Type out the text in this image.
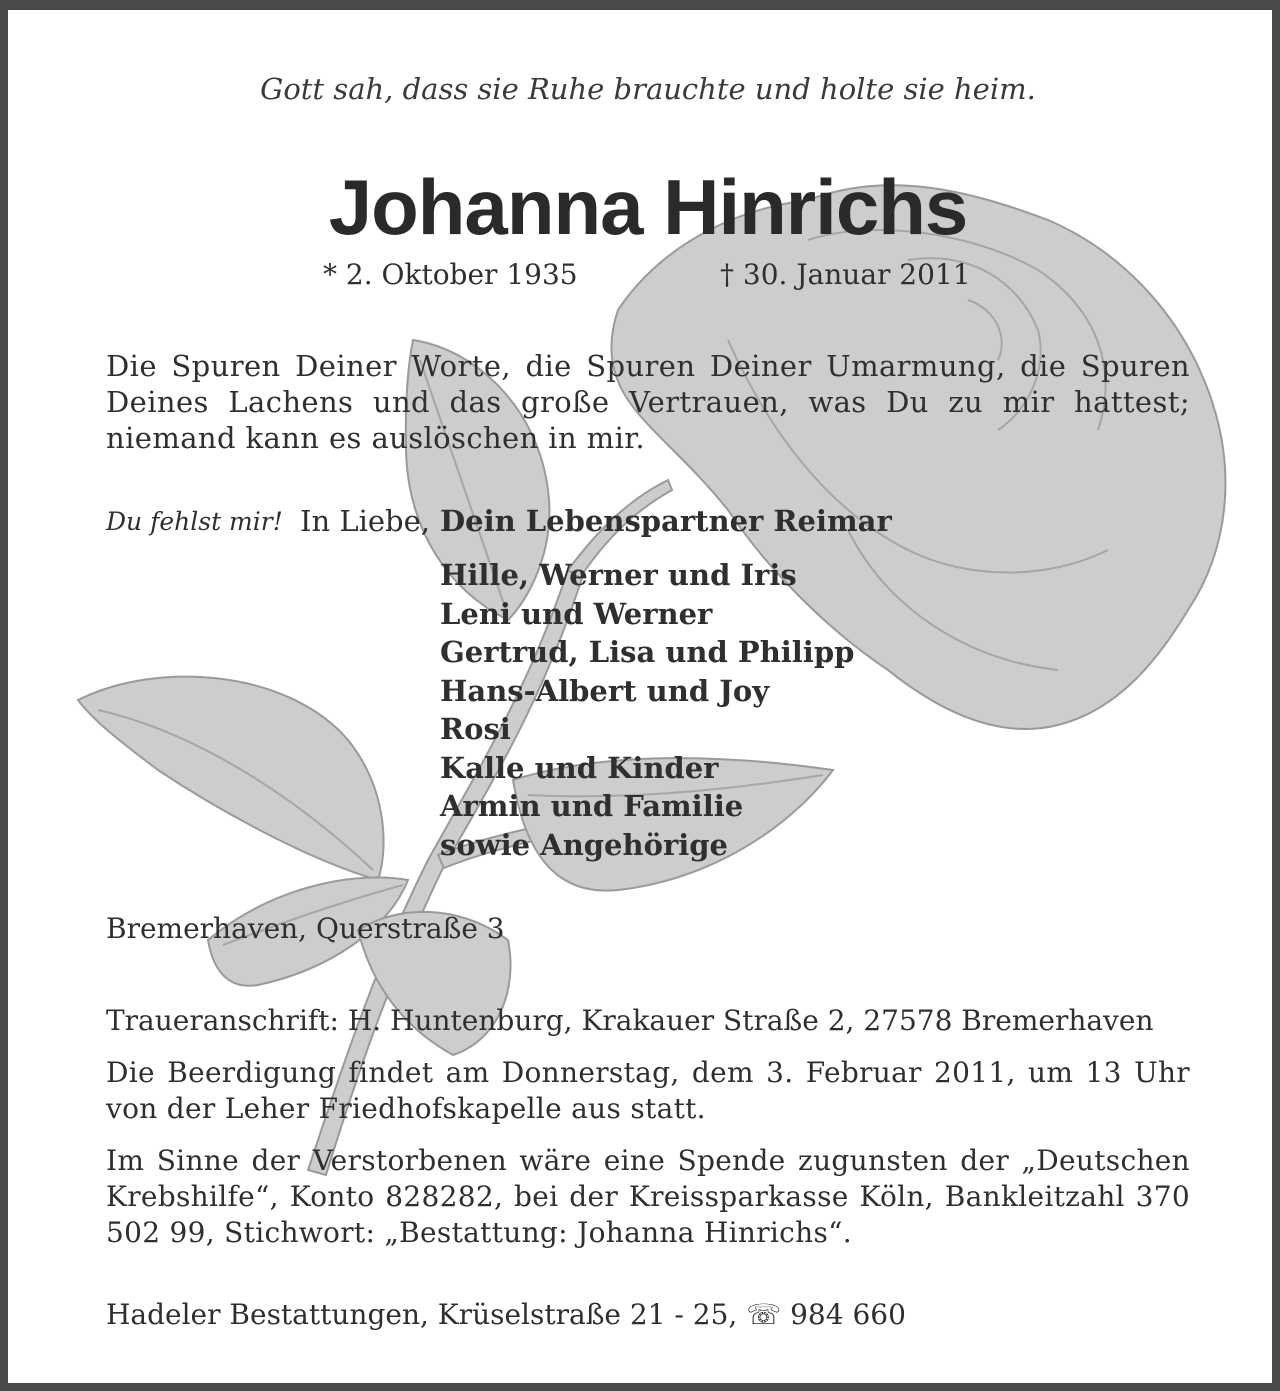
Gott sah, dass sie Ruhe brauchte und holte sie heim.
Johanna Hinrichs
* 2. Oktober 1935	† 30. Januar 2011
Die Spuren Deiner Worte, die Spuren Deiner Umarmung, die Spuren Deines Lachens und das große Vertrauen, was Du zu mir hattest; niemand kann es auslöschen in mir.
Du fehlst mir! In Liebe, Dein Lebenspartner Reimar
Hille, Werner und Iris
Leni und Werner
Gertrud, Lisa und Philipp
Hans-Albert und Joy
Rosi
Kalle und Kinder
Armin und Familie
sowie Angehörige
Bremerhaven, Querstraße 3
Traueranschrift: H. Huntenburg, Krakauer Straße 2, 27578 Bremerhaven
Die Beerdigung findet am Donnerstag, dem 3. Februar 2011, um 13 Uhr von der Leher Friedhofskapelle aus statt.
Im Sinne der Verstorbenen wäre eine Spende zugunsten der „Deutschen Krebshilfe“, Konto 828282, bei der Kreissparkasse Köln, Bankleitzahl 370 502 99, Stichwort: „Bestattung: Johanna Hinrichs“.
Hadeler Bestattungen, Krüselstraße 21 - 25, ☏ 984 660
